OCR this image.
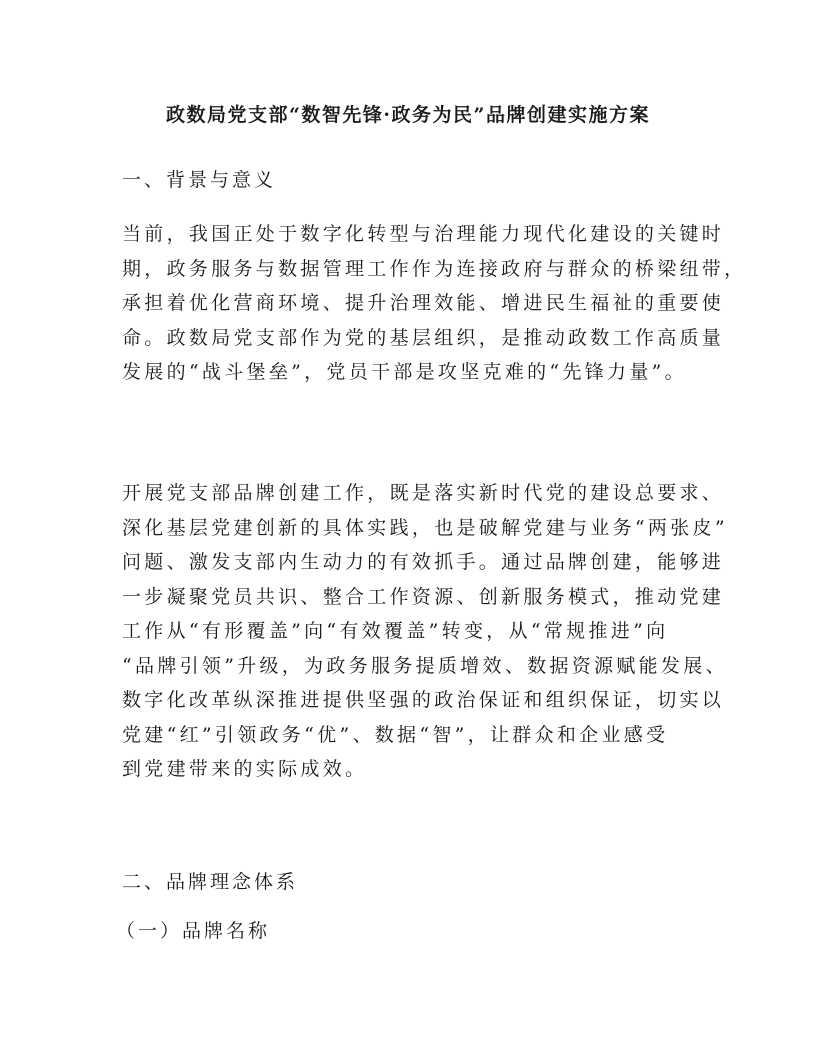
政数局党支部“数智先锋·政务为民”品牌创建实施方案
一、背景与意义
当前，我国正处于数字化转型与治理能力现代化建设的关键时
期，政务服务与数据管理工作作为连接政府与群众的桥梁纽带，
承担着优化营商环境、提升治理效能、增进民生福祉的重要使
命。政数局党支部作为党的基层组织，是推动政数工作高质量
发展的“战斗堡垒”，党员干部是攻坚克难的“先锋力量”。
开展党支部品牌创建工作，既是落实新时代党的建设总要求、
深化基层党建创新的具体实践，也是破解党建与业务“两张皮”
问题、激发支部内生动力的有效抓手。通过品牌创建，能够进
一步凝聚党员共识、整合工作资源、创新服务模式，推动党建
工作从“有形覆盖”向“有效覆盖”转变，从“常规推进”向
“品牌引领”升级，为政务服务提质增效、数据资源赋能发展、
数字化改革纵深推进提供坚强的政治保证和组织保证，切实以
党建“红”引领政务“优”、数据“智”，让群众和企业感受
到党建带来的实际成效。
二、品牌理念体系
（一）品牌名称
